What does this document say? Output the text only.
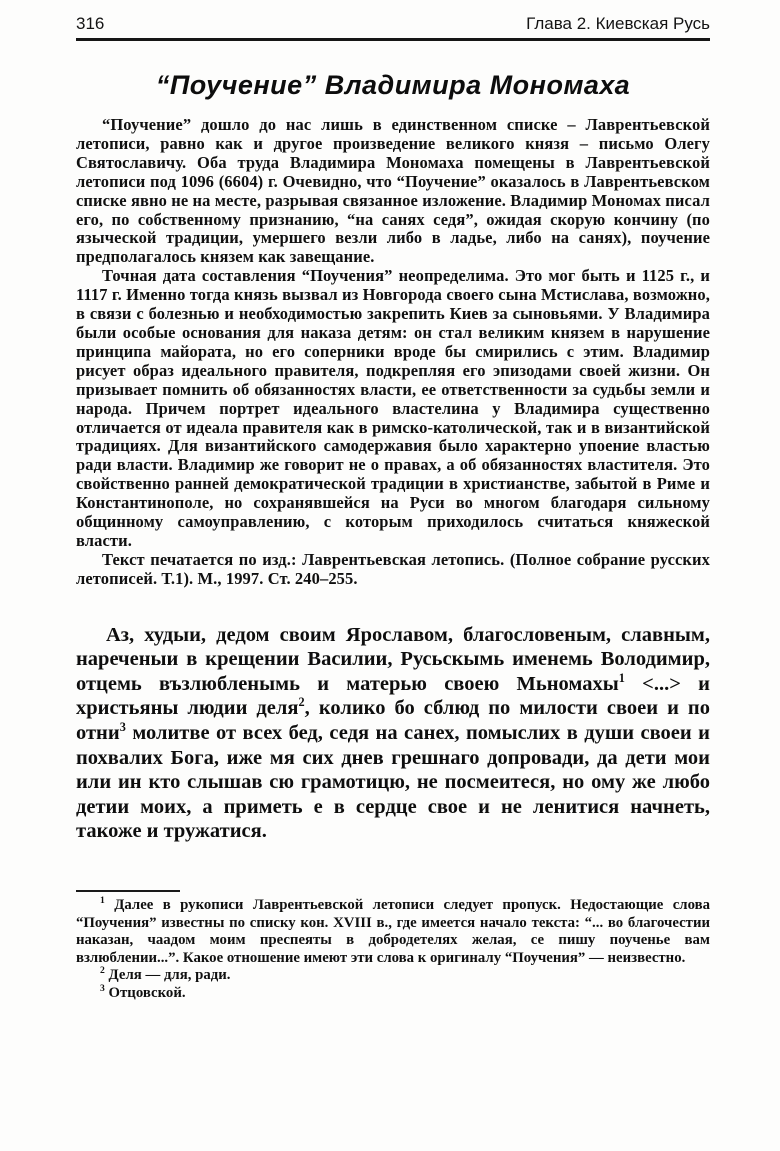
316	Глава 2. Киевская Русь
“Поучение” Владимира Мономаха

“Поучение” дошло до нас лишь в единственном списке – Лаврентьевской летописи, равно как и другое произведение великого князя – письмо Олегу Святославичу. Оба труда Владимира Мономаха помещены в Лаврентьевской летописи под 1096 (6604) г. Очевидно, что “Поучение” оказалось в Лаврентьевском списке явно не на месте, разрывая связанное изложение. Владимир Мономах писал его, по собственному признанию, “на санях седя”, ожидая скорую кончину (по языческой традиции, умершего везли либо в ладье, либо на санях), поучение предполагалось князем как завещание.

Точная дата составления “Поучения” неопределима. Это мог быть и 1125 г., и 1117 г. Именно тогда князь вызвал из Новгорода своего сына Мстислава, возможно, в связи с болезнью и необходимостью закрепить Киев за сыновьями. У Владимира были особые основания для наказа детям: он стал великим князем в нарушение принципа майората, но его соперники вроде бы смирились с этим. Владимир рисует образ идеального правителя, подкрепляя его эпизодами своей жизни. Он призывает помнить об обязанностях власти, ее ответственности за судьбы земли и народа. Причем портрет идеального властелина у Владимира существенно отличается от идеала правителя как в римско-католической, так и в византийской традициях. Для византийского самодержавия было характерно упоение властью ради власти. Владимир же говорит не о правах, а об обязанностях властителя. Это свойственно ранней демократической традиции в христианстве, забытой в Риме и Константинополе, но сохранявшейся на Руси во многом благодаря сильному общинному самоуправлению, с которым приходилось считаться княжеской власти.

Текст печатается по изд.: Лаврентьевская летопись. (Полное собрание русских летописей. Т.1). М., 1997. Ст. 240–255.

Аз, худыи, дедом своим Ярославом, благословеным, славным, нареченыи в крещении Василии, Русьскымь именемь Володимир, отцемь възлюбленымь и матерью своею Мьномахы$^1$ <...> и христьяны людии деля$^2$, колико бо сблюд по милости своеи и по отни$^3$ молитве от всех бед, седя на санех, помыслих в души своеи и похвалих Бога, иже мя сих днев грешнаго допровади, да дети мои или ин кто слышав сю грамотицю, не посмеитеся, но ому же любо детии моих, а приметь е в сердце свое и не ленитися начнеть, такоже и тружатися.

$^1$ Далее в рукописи Лаврентьевской летописи следует пропуск. Недостающие слова “Поучения” известны по списку кон. XVIII в., где имеется начало текста: “... во благочестии наказан, чаадом моим преспеяты в добродетелях желая, се пишу поученье вам взлюблении...”. Какое отношение имеют эти слова к оригиналу “Поучения” — неизвестно.

$^2$ Деля — для, ради.

$^3$ Отцовской.
